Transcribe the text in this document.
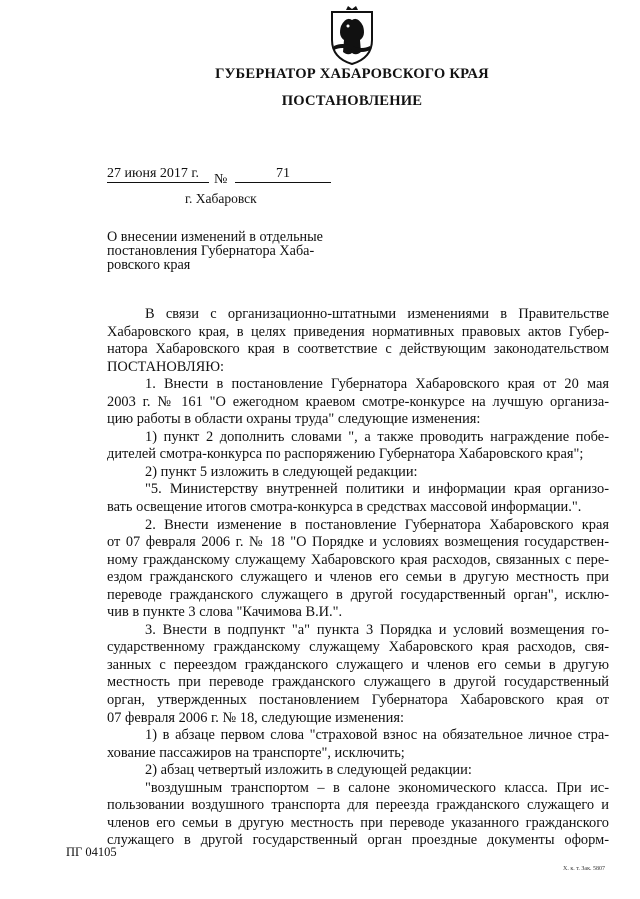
ГУБЕРНАТОР ХАБАРОВСКОГО КРАЯ
ПОСТАНОВЛЕНИЕ
27 июня 2017 г.	№	71
г. Хабаровск
О внесении изменений в отдельные
постановления Губернатора Хаба-
ровского края
В связи с организационно-штатными изменениями в Правительстве
Хабаровского края, в целях приведения нормативных правовых актов Губер-
натора Хабаровского края в соответствие с действующим законодательством
ПОСТАНОВЛЯЮ:
1. Внести в постановление Губернатора Хабаровского края от 20 мая
2003 г. № 161 "О ежегодном краевом смотре-конкурсе на лучшую организа-
цию работы в области охраны труда" следующие изменения:
1) пункт 2 дополнить словами ", а также проводить награждение побе-
дителей смотра-конкурса по распоряжению Губернатора Хабаровского края";
2) пункт 5 изложить в следующей редакции:
"5. Министерству внутренней политики и информации края организо-
вать освещение итогов смотра-конкурса в средствах массовой информации.".
2. Внести изменение в постановление Губернатора Хабаровского края
от 07 февраля 2006 г. № 18 "О Порядке и условиях возмещения государствен-
ному гражданскому служащему Хабаровского края расходов, связанных с пере-
ездом гражданского служащего и членов его семьи в другую местность при
переводе гражданского служащего в другой государственный орган", исклю-
чив в пункте 3 слова "Качимова В.И.".
3. Внести в подпункт "а" пункта 3 Порядка и условий возмещения го-
сударственному гражданскому служащему Хабаровского края расходов, свя-
занных с переездом гражданского служащего и членов его семьи в другую
местность при переводе гражданского служащего в другой государственный
орган, утвержденных постановлением Губернатора Хабаровского края от
07 февраля 2006 г. № 18, следующие изменения:
1) в абзаце первом слова "страховой взнос на обязательное личное стра-
хование пассажиров на транспорте", исключить;
2) абзац четвертый изложить в следующей редакции:
"воздушным транспортом – в салоне экономического класса. При ис-
пользовании воздушного транспорта для переезда гражданского служащего и
членов его семьи в другую местность при переводе указанного гражданского
служащего в другой государственный орган проездные документы оформ-
ПГ 04105
Х. к. т. Зак. 5807
